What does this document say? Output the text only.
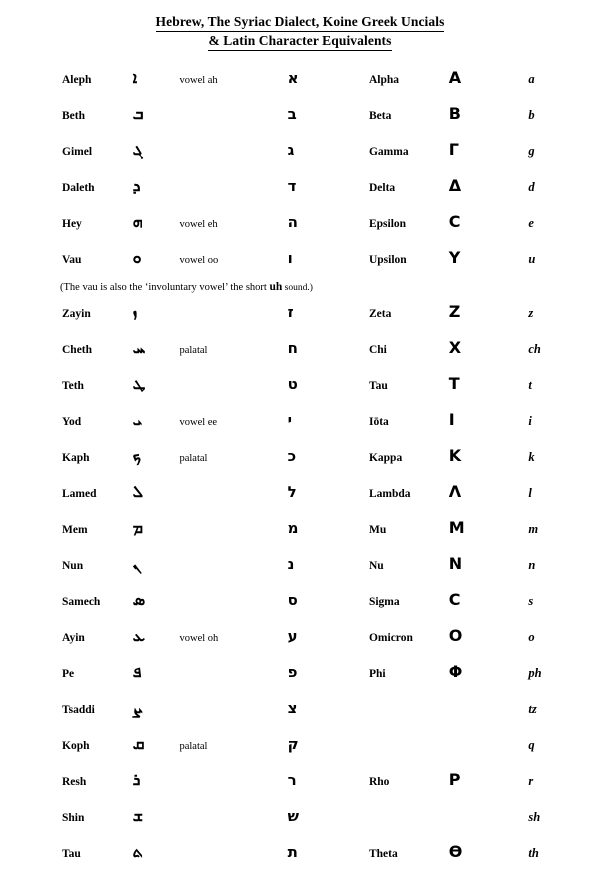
Hebrew, The Syriac Dialect, Koine Greek Uncials
& Latin Character Equivalents
Aleph	ܐ	vowel ah	א	Alpha	Α	a
Beth	ܒ		ב	Beta	Β	b
Gimel	ܓ		ג	Gamma	Γ	g
Daleth	ܕ		ד	Delta	Δ	d
Hey	ܗ	vowel eh	ה	Epsilon	Ϲ	e
Vau	ܘ	vowel oo	ו	Upsilon	Υ	u
(The vau is also the ‘involuntary vowel’ the short uh sound.)						
Zayin	ܙ		ז	Zeta	Ζ	z
Cheth	ܚ	palatal	ח	Chi	Χ	ch
Teth	ܛ		ט	Tau	Τ	t
Yod	ܝ	vowel ee	י	Iōta	Ι	i
Kaph	ܟ	palatal	כ	Kappa	Κ	k
Lamed	ܠ		ל	Lambda	Λ	l
Mem	ܡ		מ	Mu	Μ	m
Nun	ܢ		נ	Nu	Ν	n
Samech	ܣ		ס	Sigma	Ϲ	s
Ayin	ܥ	vowel oh	ע	Omicron	Ο	o
Pe	ܦ		פ	Phi	Φ	ph
Tsaddi	ܨ		צ			tz
Koph	ܩ	palatal	ק			q
Resh	ܪ		ר	Rho	Ρ	r
Shin	ܫ		ש			sh
Tau	ܬ		ת	Theta	Ѳ	th
